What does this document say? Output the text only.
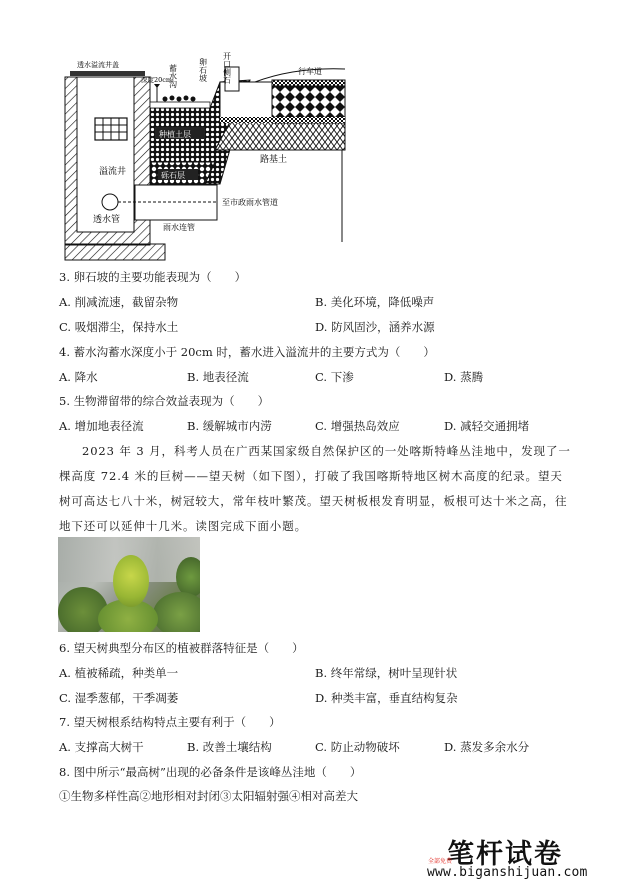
透水溢流井盖
溢流井
透水管
至市政雨水管道
雨水连管
种植土层
砾石层
深度20cm
蓄水沟	卵石坡
路基土
行车道
开口侧石
3. 卵石坡的主要功能表现为（　　）
A. 削减流速，截留杂物	B. 美化环境，降低噪声
C. 吸烟滞尘，保持水土	D. 防风固沙，涵养水源
4. 蓄水沟蓄水深度小于 20cm 时，蓄水进入溢流井的主要方式为（　　）
A. 降水	B. 地表径流	C. 下渗	D. 蒸腾
5. 生物滞留带的综合效益表现为（　　）
A. 增加地表径流	B. 缓解城市内涝	C. 增强热岛效应	D. 减轻交通拥堵
2023 年 3 月，科考人员在广西某国家级自然保护区的一处喀斯特峰丛洼地中，发现了一棵高度 72.4 米的巨树——望天树（如下图），打破了我国喀斯特地区树木高度的纪录。望天树可高达七八十米，树冠较大，常年枝叶繁茂。望天树板根发育明显，板根可达十米之高，往地下还可以延伸十几米。读图完成下面小题。
6. 望天树典型分布区的植被群落特征是（　　）
A. 植被稀疏，种类单一	B. 终年常绿，树叶呈现针状
C. 湿季葱郁，干季凋萎	D. 种类丰富，垂直结构复杂
7. 望天树根系结构特点主要有利于（　　）
A. 支撑高大树干	B. 改善土壤结构	C. 防止动物破坏	D. 蒸发多余水分
8. 图中所示“最高树”出现的必备条件是该峰丛洼地（　　）
①生物多样性高②地形相对封闭③太阳辐射强④相对高差大
笔杆试卷
全部免费
www.biganshijuan.com
